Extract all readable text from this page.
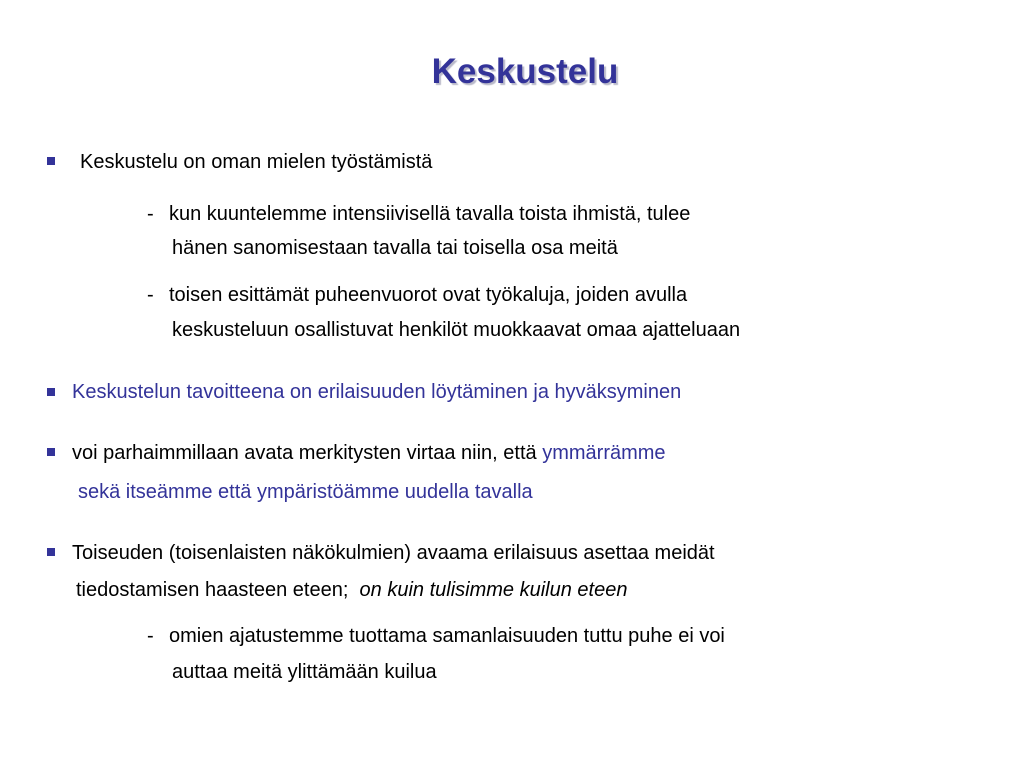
Keskustelu
Keskustelu on oman mielen työstämistä
- kun kuuntelemme intensiivisellä tavalla toista ihmistä, tulee
hänen sanomisestaan tavalla tai toisella osa meitä
- toisen esittämät puheenvuorot ovat työkaluja, joiden avulla
keskusteluun osallistuvat henkilöt muokkaavat omaa ajatteluaan
Keskustelun tavoitteena on erilaisuuden löytäminen ja hyväksyminen
voi parhaimmillaan avata merkitysten virtaa niin, että ymmärrämme
sekä itseämme että ympäristöämme uudella tavalla
Toiseuden (toisenlaisten näkökulmien) avaama erilaisuus asettaa meidät
tiedostamisen haasteen eteen; on kuin tulisimme kuilun eteen
- omien ajatustemme tuottama samanlaisuuden tuttu puhe ei voi
auttaa meitä ylittämään kuilua
